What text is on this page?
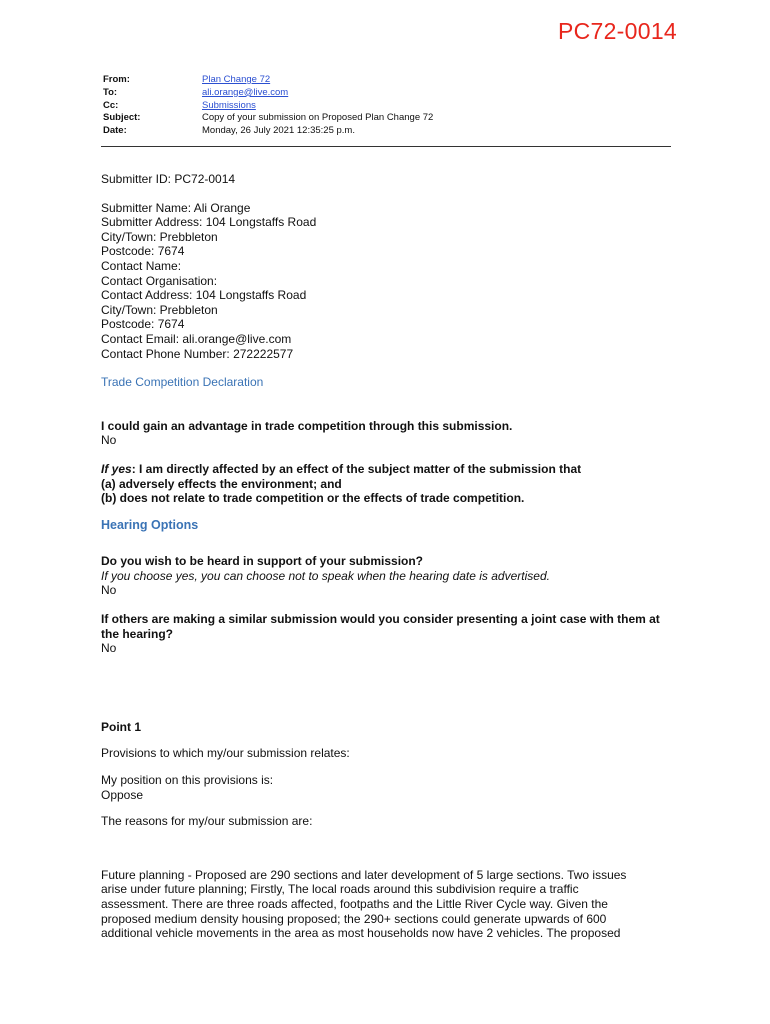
PC72-0014
From:	Plan Change 72
To:	ali.orange@live.com
Cc:	Submissions
Subject:	Copy of your submission on Proposed Plan Change 72
Date:	Monday, 26 July 2021 12:35:25 p.m.
Submitter ID: PC72-0014
Submitter Name: Ali Orange
Submitter Address: 104 Longstaffs Road
City/Town: Prebbleton
Postcode: 7674
Contact Name:
Contact Organisation:
Contact Address: 104 Longstaffs Road
City/Town: Prebbleton
Postcode: 7674
Contact Email: ali.orange@live.com
Contact Phone Number: 272222577
Trade Competition Declaration
I could gain an advantage in trade competition through this submission.
No
If yes: I am directly affected by an effect of the subject matter of the submission that
(a) adversely effects the environment; and
(b) does not relate to trade competition or the effects of trade competition.
Hearing Options
Do you wish to be heard in support of your submission?
If you choose yes, you can choose not to speak when the hearing date is advertised.
No
If others are making a similar submission would you consider presenting a joint case with them at the hearing?
No
Point 1
Provisions to which my/our submission relates:
My position on this provisions is:
Oppose
The reasons for my/our submission are:
Future planning - Proposed are 290 sections and later development of 5 large sections. Two issues
arise under future planning; Firstly, The local roads around this subdivision require a traffic
assessment. There are three roads affected, footpaths and the Little River Cycle way. Given the
proposed medium density housing proposed; the 290+ sections could generate upwards of 600
additional vehicle movements in the area as most households now have 2 vehicles. The proposed
